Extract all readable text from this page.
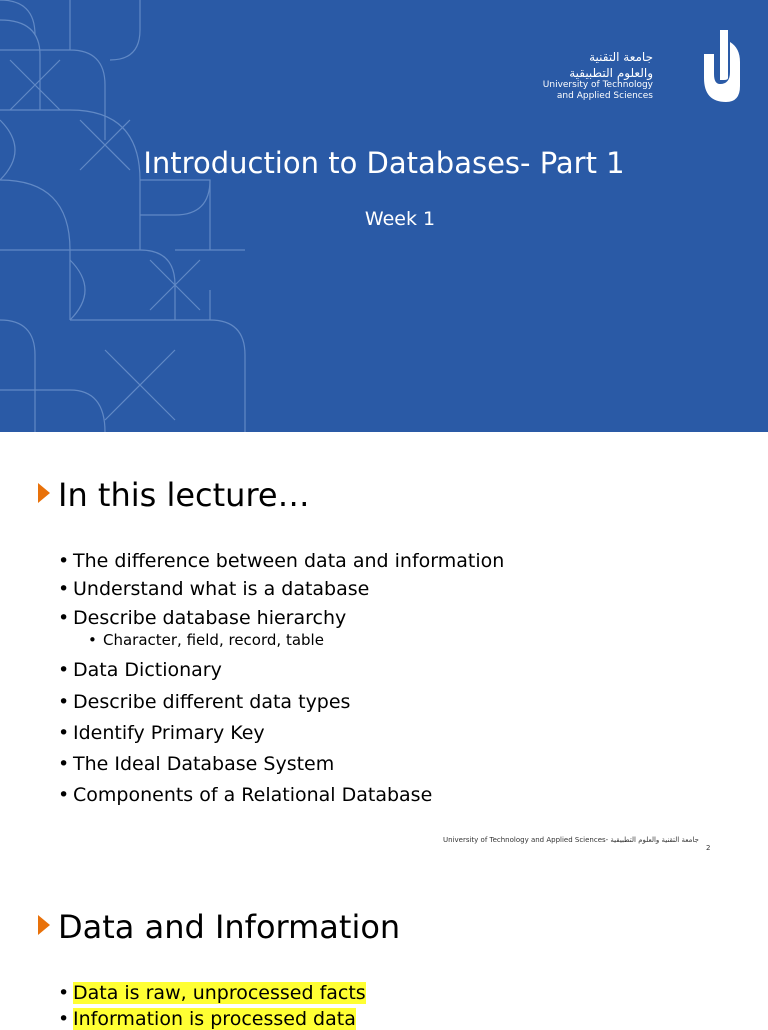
جامعة التقنية
والعلوم التطبيقية
University of Technology
and Applied Sciences
Introduction to Databases- Part 1
Week 1
In this lecture…
• The difference between data and information
• Understand what is a database
• Describe database hierarchy
• Character, field, record, table
• Data Dictionary
• Describe different data types
• Identify Primary Key
• The Ideal Database System
• Components of a Relational Database
University of Technology and Applied Sciences- جامعة التقنية والعلوم التطبيقية
2
Data and Information
• Data is raw, unprocessed facts
• Information is processed data
